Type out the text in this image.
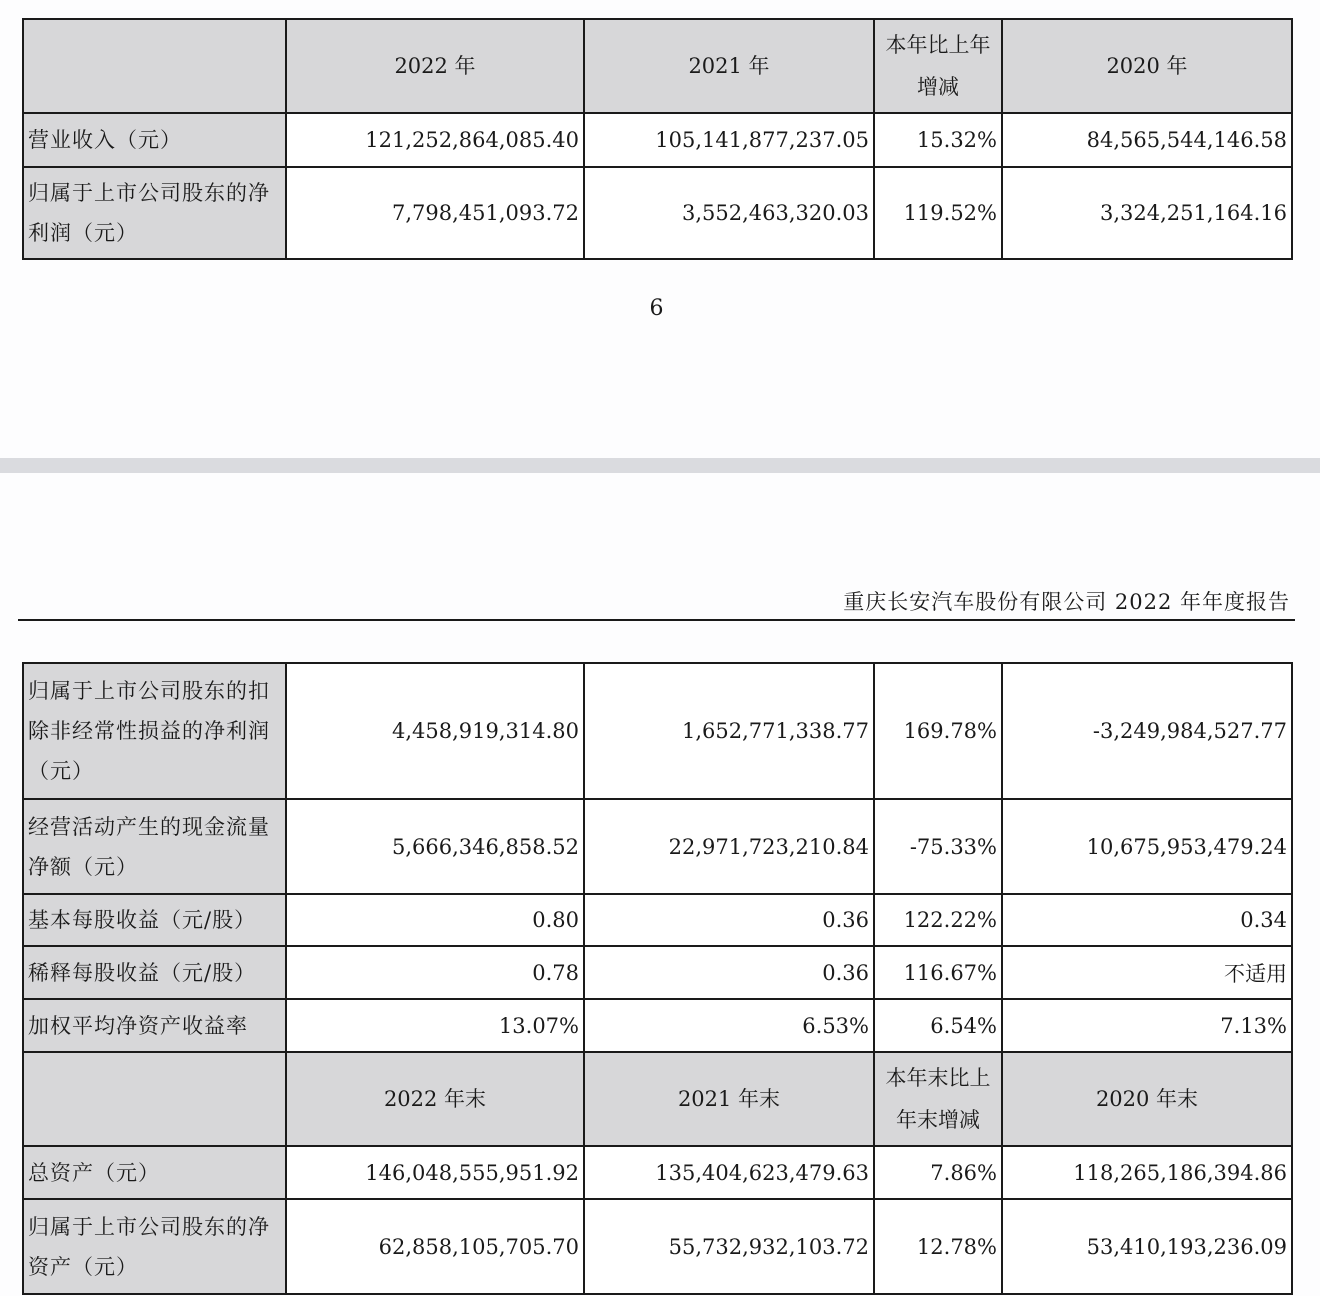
	2022 年	2021 年	本年比上年增减	2020 年
营业收入（元）	121,252,864,085.40	105,141,877,237.05	15.32%	84,565,544,146.58
归属于上市公司股东的净利润（元）	7,798,451,093.72	3,552,463,320.03	119.52%	3,324,251,164.16
6
重庆长安汽车股份有限公司 2022 年年度报告
归属于上市公司股东的扣除非经常性损益的净利润（元）	4,458,919,314.80	1,652,771,338.77	169.78%	-3,249,984,527.77
经营活动产生的现金流量净额（元）	5,666,346,858.52	22,971,723,210.84	-75.33%	10,675,953,479.24
基本每股收益（元/股）	0.80	0.36	122.22%	0.34
稀释每股收益（元/股）	0.78	0.36	116.67%	不适用
加权平均净资产收益率	13.07%	6.53%	6.54%	7.13%
	2022 年末	2021 年末	本年末比上年末增减	2020 年末
总资产（元）	146,048,555,951.92	135,404,623,479.63	7.86%	118,265,186,394.86
归属于上市公司股东的净资产（元）	62,858,105,705.70	55,732,932,103.72	12.78%	53,410,193,236.09
